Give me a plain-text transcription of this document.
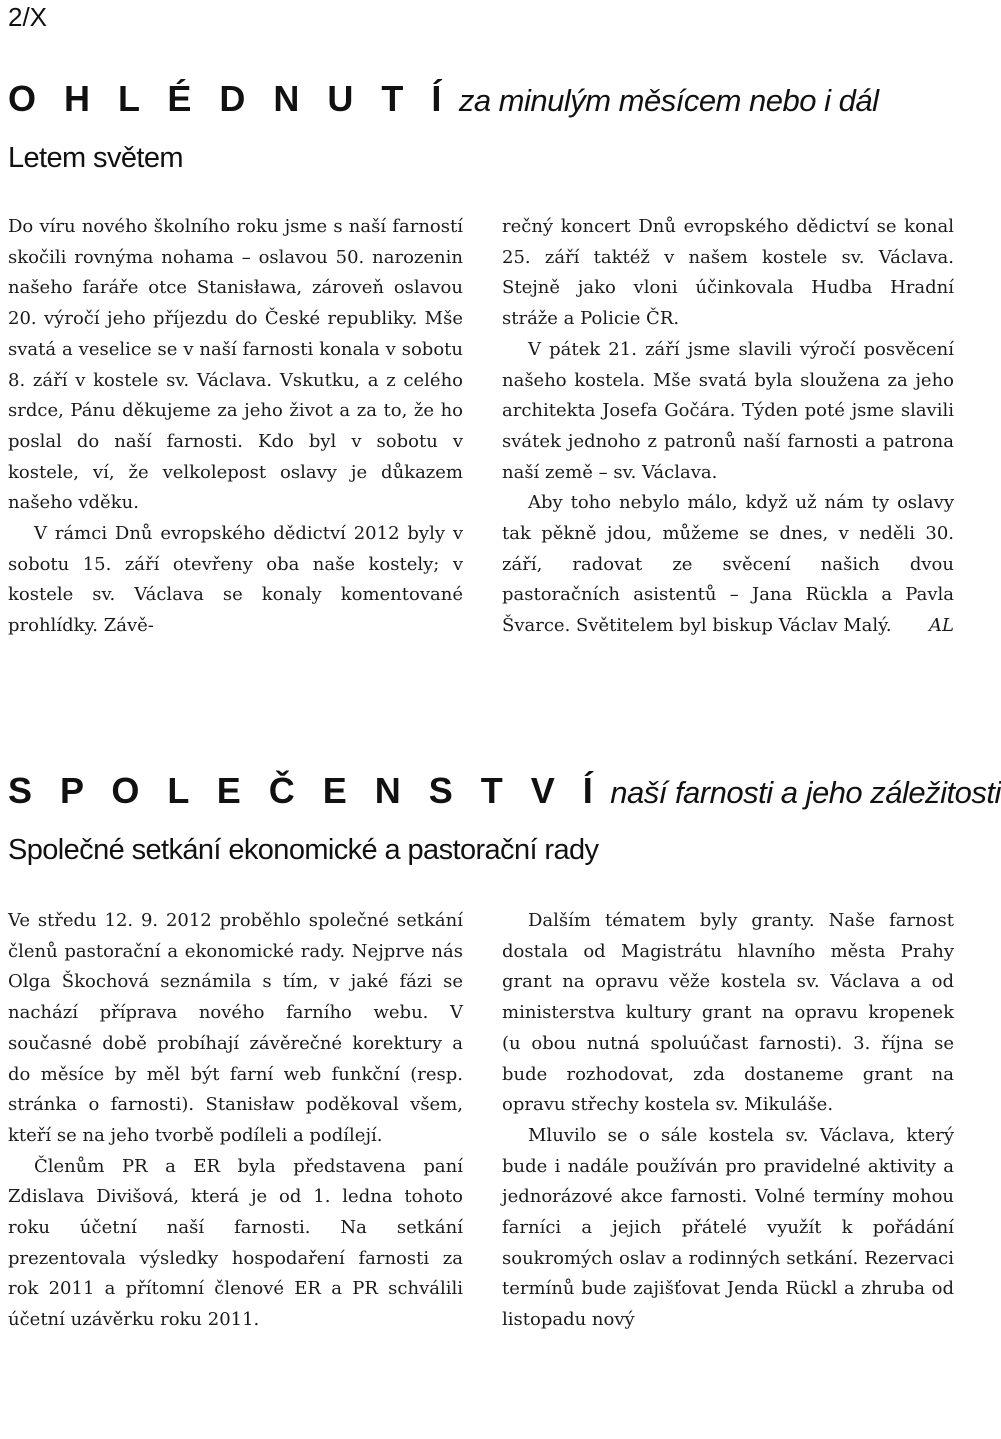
2/X
O H L É D N U T Í za minulým měsícem nebo i dál
Letem světem

Do víru nového školního roku jsme s naší farností skočili rovnýma nohama – oslavou 50. narozenin našeho faráře otce Stanisława, zároveň oslavou 20. výročí jeho příjezdu do České republiky. Mše svatá a veselice se v naší farnosti konala v sobotu 8. září v kostele sv. Václava. Vskutku, a z celého srdce, Pánu děkujeme za jeho život a za to, že ho poslal do naší farnosti. Kdo byl v sobotu v kostele, ví, že velkolepost oslavy je důkazem našeho vděku.

V rámci Dnů evropského dědictví 2012 byly v sobotu 15. září otevřeny oba naše kostely; v kostele sv. Václava se konaly komentované prohlídky. Závě-

rečný koncert Dnů evropského dědictví se konal 25. září taktéž v našem kostele sv. Václava. Stejně jako vloni účinkovala Hudba Hradní stráže a Policie ČR.

V pátek 21. září jsme slavili výročí posvěcení našeho kostela. Mše svatá byla sloužena za jeho architekta Josefa Gočára. Týden poté jsme slavili svátek jednoho z patronů naší farnosti a patrona naší země – sv. Václava.

Aby toho nebylo málo, když už nám ty oslavy tak pěkně jdou, můžeme se dnes, v neděli 30. září, radovat ze svěcení našich dvou pastoračních asistentů – Jana Rückla a Pavla Švarce. Světitelem byl biskup Václav Malý.	AL

S P O L E Č E N S T V Í naší farnosti a jeho záležitosti
Společné setkání ekonomické a pastorační rady

Ve středu 12. 9. 2012 proběhlo společné setkání členů pastorační a ekonomické rady. Nejprve nás Olga Škochová seznámila s tím, v jaké fázi se nachází příprava nového farního webu. V současné době probíhají závěrečné korektury a do měsíce by měl být farní web funkční (resp. stránka o farnosti). Stanisław poděkoval všem, kteří se na jeho tvorbě podíleli a podílejí.

Členům PR a ER byla představena paní Zdislava Divišová, která je od 1. ledna tohoto roku účetní naší farnosti. Na setkání prezentovala výsledky hospodaření farnosti za rok 2011 a přítomní členové ER a PR schválili účetní uzávěrku roku 2011.

Dalším tématem byly granty. Naše farnost dostala od Magistrátu hlavního města Prahy grant na opravu věže kostela sv. Václava a od ministerstva kultury grant na opravu kropenek (u obou nutná spoluúčast farnosti). 3. října se bude rozhodovat, zda dostaneme grant na opravu střechy kostela sv. Mikuláše.

Mluvilo se o sále kostela sv. Václava, který bude i nadále používán pro pravidelné aktivity a jednorázové akce farnosti. Volné termíny mohou farníci a jejich přátelé využít k pořádání soukromých oslav a rodinných setkání. Rezervaci termínů bude zajišťovat Jenda Rückl a zhruba od listopadu nový
